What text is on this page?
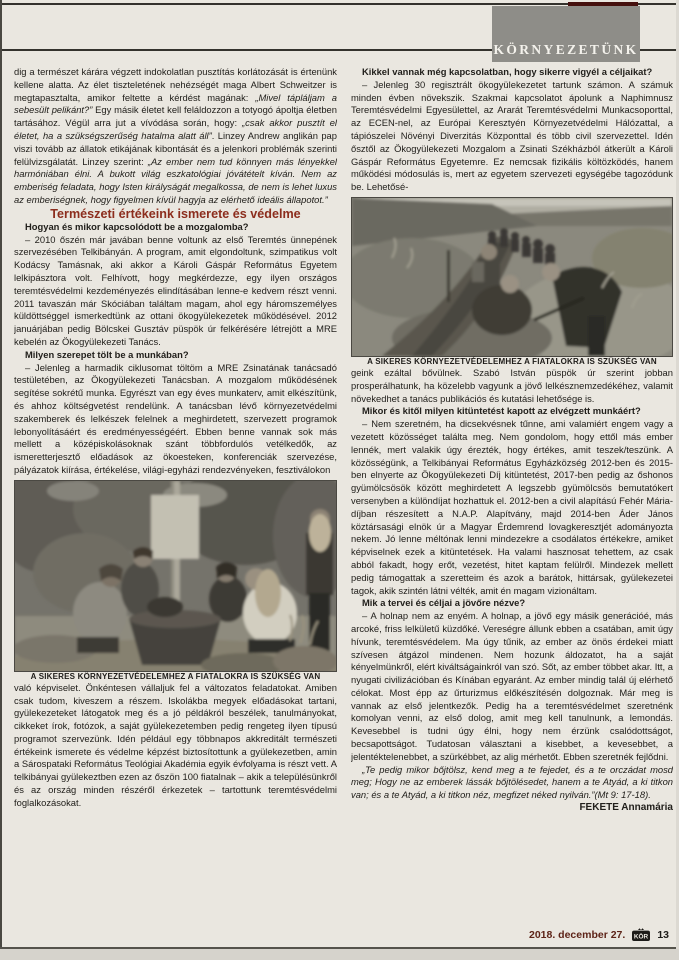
KÖRNYEZETÜNK

dig a természet kárára végzett indokolatlan pusztítás korlátozását is értenünk kellene alatta. Az élet tiszteletének nehézségét maga Albert Schweitzer is megtapasztalta, amikor feltette a kérdést magának: „Mivel tápláljam a sebesült pelikánt?” Egy másik életet kell feláldozzon a totyogó ápoltja életben tartásához. Végül arra jut a vívódása során, hogy: „csak akkor pusztít el életet, ha a szükségszerűség hatalma alatt áll”. Linzey Andrew anglikán pap viszi tovább az állatok etikájának kibontását és a jelenkori problémák szerinti felülvizsgálatát. Linzey szerint: „Az ember nem tud könnyen más lényekkel harmóniában élni. A bukott világ eszkatológiai jóvátételt kíván. Nem az emberiség feladata, hogy Isten királyságát megalkossa, de nem is lehet luxus az emberiségnek, hogy figyelmen kívül hagyja az elérhető ideális állapotot.”

Természeti értékeink ismerete és védelme

Hogyan és mikor kapcsolódott be a mozgalomba?

– 2010 őszén már javában benne voltunk az első Teremtés ünnepének szervezésében Telkibányán. A program, amit elgondoltunk, szimpatikus volt Kodácsy Tamásnak, aki akkor a Károli Gáspár Református Egyetem lelkipásztora volt. Felhívott, hogy megkérdezze, egy ilyen országos teremtésvédelmi kezdeményezés elindításában lenne-e kedvem részt venni. 2011 tavaszán már Skóciában találtam magam, ahol egy háromszemélyes küldöttséggel ismerkedtünk az ottani ökogyülekezetek működésével. 2012 januárjában pedig Bölcskei Gusztáv püspök úr felkérésére létrejött a MRE kebelén az Ökogyülekezeti Tanács.

Milyen szerepet tölt be a munkában?

– Jelenleg a harmadik ciklusomat töltöm a MRE Zsinatának tanácsadó testületében, az Ökogyülekezeti Tanácsban. A mozgalom működésének segítése sokrétű munka. Egyrészt van egy éves munkaterv, amit elkészítünk, és ahhoz költségvetést rendelünk. A tanácsban lévő környezetvédelmi szakemberek és lelkészek felelnek a meghirdetett, szervezett programok lebonyolításáért és eredményességéért. Ebben benne vannak sok más mellett a középiskolásoknak szánt többfordulós vetélkedők, az ismeretterjesztő előadások az ökoesteken, konferenciák szervezése, pályázatok kiírása, értékelése, világi-egyházi rendezvényeken, fesztiválokon

A SIKERES KÖRNYEZETVÉDELEMHEZ A FIATALOKRA IS SZÜKSÉG VAN

való képviselet. Önkéntesen vállaljuk fel a változatos feladatokat. Amiben csak tudom, kiveszem a részem. Iskolákba megyek előadásokat tartani, gyülekezeteket látogatok meg és a jó példákról beszélek, tanulmányokat, cikkeket írok, fotózok, a saját gyülekezetemben pedig rengeteg ilyen típusú programot szervezünk. Idén például egy többnapos akkreditált természeti értékeink ismerete és védelme képzést biztosítottunk a gyülekezetben, amin a Sárospataki Református Teológiai Akadémia egyik évfolyama is részt vett. A telkibányai gyülekeztben ezen az őszön 100 fiatalnak – akik a településünkről és az ország minden részéről érkezetek – tartottunk teremtésvédelmi foglalkozásokat.

Kikkel vannak még kapcsolatban, hogy sikerre vigyél a céljaikat?

– Jelenleg 30 regisztrált ökogyülekezetet tartunk számon. A számuk minden évben növekszik. Szakmai kapcsolatot ápolunk a Naphimnusz Teremtésvédelmi Egyesülettel, az Ararát Teremtésvédelmi Munkacsoporttal, az ECEN-nel, az Európai Keresztyén Környezetvédelmi Hálózattal, a tápiószelei Növényi Diverzitás Központtal és több civil szervezettel. Idén ősztől az Ökogyülekezeti Mozgalom a Zsinati Székházból átkerült a Károli Gáspár Református Egyetemre. Ez nemcsak fizikális költözködés, hanem működési módosulás is, mert az egyetem szervezeti egységébe tagozódunk be. Lehetősé-

A SIKERES KÖRNYEZETVÉDELEMHEZ A FIATALOKRA IS SZÜKSÉG VAN

geink ezáltal bővülnek. Szabó István püspök úr szerint jobban prosperálhatunk, ha közelebb vagyunk a jövő lelkésznemzedékéhez, valamit növekedhet a tanács publikációs és kutatási lehetősége is.

Mikor és kitől milyen kitüntetést kapott az elvégzett munkáért?

– Nem szeretném, ha dicsekvésnek tűnne, ami valamiért engem vagy a vezetett közösséget találta meg. Nem gondolom, hogy ettől más ember lennék, mert valakik úgy érezték, hogy értékes, amit teszek/teszünk. A közösségünk, a Telkibányai Református Egyházközség 2012-ben és 2015-ben elnyerte az Ökogyülekezeti Díj kitüntetést, 2017-ben pedig az őshonos gyümölcsösök között meghirdetett A legszebb gyümölcsös bemutatókert versenyben a különdíjat hozhattuk el. 2012-ben a civil alapítású Fehér Mária-díjban részesített a N.A.P. Alapítvány, majd 2014-ben Áder János köztársasági elnök úr a Magyar Érdemrend lovagkeresztjét adományozta nekem. Jó lenne méltónak lenni mindezekre a csodálatos értékekre, amiket képviselnek ezek a kitüntetések. Ha valami hasznosat tehettem, az csak abból fakadt, hogy erőt, vezetést, hitet kaptam felülről. Mindezek mellett pedig támogattak a szeretteim és azok a barátok, hittársak, gyülekezetei tagok, akik szintén látni vélték, amit én magam vizionáltam.

Mik a tervei és céljai a jövőre nézve?

– A holnap nem az enyém. A holnap, a jövő egy másik generációé, más arcoké, friss lelkületű küzdőké. Vereségre állunk ebben a csatában, amit úgy hívunk, teremtésvédelem. Ma úgy tűnik, az ember az önös érdekei miatt szívesen átgázol mindenen. Nem hozunk áldozatot, ha a saját kényelmünkről, elért kiváltságainkról van szó. Sőt, az ember többet akar. Itt, a nyugati civilizációban és Kínában egyaránt. Az ember mindig talál új elérhető célokat. Most épp az űrturizmus előkészítésén dolgoznak. Már meg is vannak az első jelentkezők. Pedig ha a teremtésvédelmet szeretnénk komolyan venni, az első dolog, amit meg kell tanulnunk, a lemondás. Kevesebbel is tudni úgy élni, hogy nem érzünk csalódottságot, becsapottságot. Tudatosan választani a kisebbet, a kevesebbet, a jelentéktelenebbet, a szürkébbet, az alig mérhetőt. Ebben szeretnék fejlődni.

„Te pedig mikor bőjtölsz, kend meg a te fejedet, és a te orczádat mosd meg; Hogy ne az emberek lássák bőjtölésedet, hanem a te Atyád, a ki titkon van; és a te Atyád, a ki titkon néz, megfizet néked nyilván.”(Mt 9: 17-18).

FEKETE Annamária

2018. december 27. KÖR 13
